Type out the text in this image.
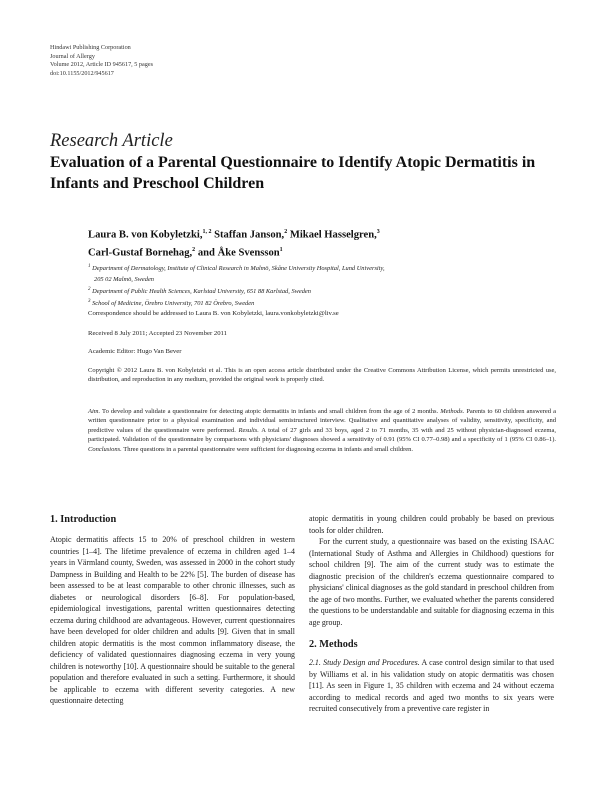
Hindawi Publishing Corporation
Journal of Allergy
Volume 2012, Article ID 945617, 5 pages
doi:10.1155/2012/945617
Research Article
Evaluation of a Parental Questionnaire to Identify Atopic Dermatitis in Infants and Preschool Children
Laura B. von Kobyletzki,$^{1, 2}$ Staffan Janson,$^2$ Mikael Hasselgren,$^3$
Carl-Gustaf Bornehag,$^2$ and Åke Svensson$^1$
$^1$ Department of Dermatology, Institute of Clinical Research in Malmö, Skåne University Hospital, Lund University,
205 02 Malmö, Sweden
$^2$ Department of Public Health Sciences, Karlstad University, 651 88 Karlstad, Sweden
$^3$ School of Medicine, Örebro University, 701 82 Örebro, Sweden
Correspondence should be addressed to Laura B. von Kobyletzki, laura.vonkobyletzki@liv.se
Received 8 July 2011; Accepted 23 November 2011
Academic Editor: Hugo Van Bever
Copyright © 2012 Laura B. von Kobyletzki et al. This is an open access article distributed under the Creative Commons Attribution License, which permits unrestricted use, distribution, and reproduction in any medium, provided the original work is properly cited.
Aim. To develop and validate a questionnaire for detecting atopic dermatitis in infants and small children from the age of 2 months. Methods. Parents to 60 children answered a written questionnaire prior to a physical examination and individual semistructured interview. Qualitative and quantitative analyses of validity, sensitivity, specificity, and predictive values of the questionnaire were performed. Results. A total of 27 girls and 33 boys, aged 2 to 71 months, 35 with and 25 without physician-diagnosed eczema, participated. Validation of the questionnaire by comparisons with physicians' diagnoses showed a sensitivity of 0.91 (95% CI 0.77–0.98) and a specificity of 1 (95% CI 0.86–1). Conclusions. Three questions in a parental questionnaire were sufficient for diagnosing eczema in infants and small children.
1. Introduction

Atopic dermatitis affects 15 to 20% of preschool children in western countries [1–4]. The lifetime prevalence of eczema in children aged 1–4 years in Värmland county, Sweden, was assessed in 2000 in the cohort study Dampness in Building and Health to be 22% [5]. The burden of disease has been assessed to be at least comparable to other chronic illnesses, such as diabetes or neurological disorders [6–8]. For population-based, epidemiological investigations, parental written questionnaires detecting eczema during childhood are advantageous. However, current questionnaires have been developed for older children and adults [9]. Given that in small children atopic dermatitis is the most common inflammatory disease, the deficiency of validated questionnaires diagnosing eczema in very young children is noteworthy [10]. A questionnaire should be suitable to the general population and therefore evaluated in such a setting. Furthermore, it should be applicable to eczema with different severity categories. A new questionnaire detecting

atopic dermatitis in young children could probably be based on previous tools for older children.

For the current study, a questionnaire was based on the existing ISAAC (International Study of Asthma and Allergies in Childhood) questions for school children [9]. The aim of the current study was to estimate the diagnostic precision of the children's eczema questionnaire compared to physicians' clinical diagnoses as the gold standard in preschool children from the age of two months. Further, we evaluated whether the parents considered the questions to be understandable and suitable for diagnosing eczema in this age group.

2. Methods

2.1. Study Design and Procedures. A case control design similar to that used by Williams et al. in his validation study on atopic dermatitis was chosen [11]. As seen in Figure 1, 35 children with eczema and 24 without eczema according to medical records and aged two months to six years were recruited consecutively from a preventive care register in
